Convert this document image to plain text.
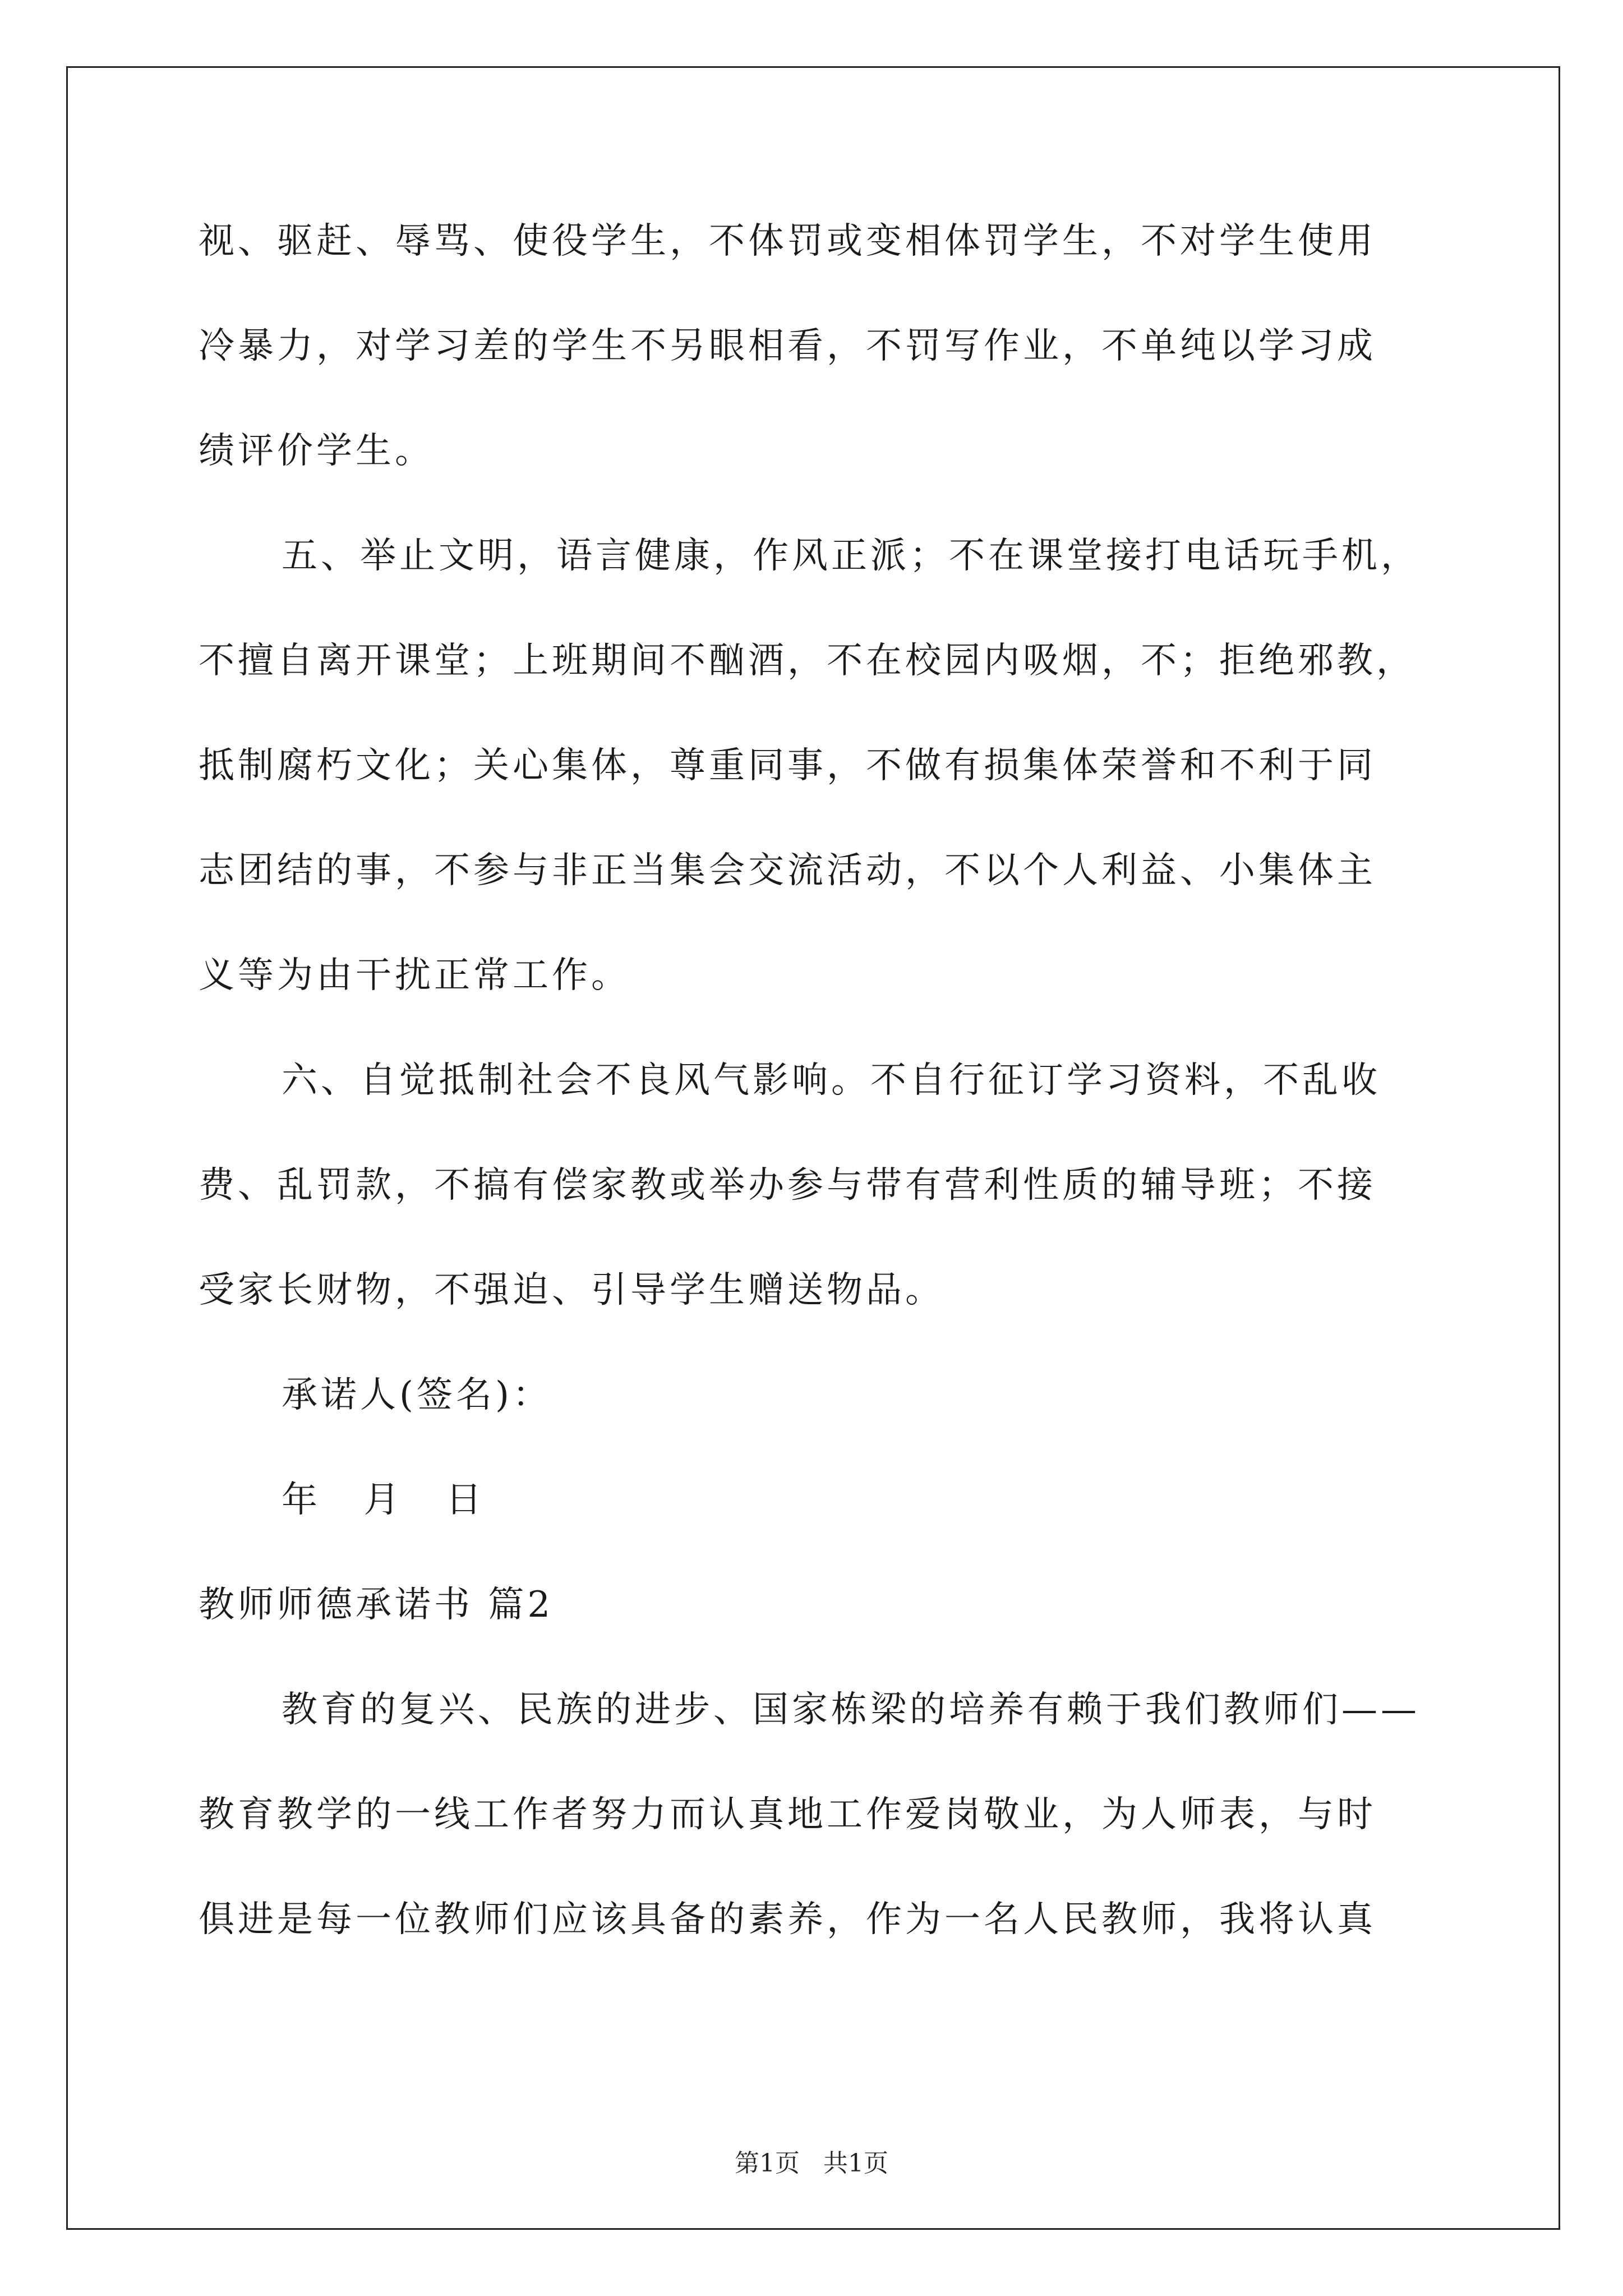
视、驱赶、辱骂、使役学生，不体罚或变相体罚学生，不对学生使用
冷暴力，对学习差的学生不另眼相看，不罚写作业，不单纯以学习成
绩评价学生。
五、举止文明，语言健康，作风正派；不在课堂接打电话玩手机，
不擅自离开课堂；上班期间不酗酒，不在校园内吸烟，不；拒绝邪教，
抵制腐朽文化；关心集体，尊重同事，不做有损集体荣誉和不利于同
志团结的事，不参与非正当集会交流活动，不以个人利益、小集体主
义等为由干扰正常工作。
六、自觉抵制社会不良风气影响。不自行征订学习资料，不乱收
费、乱罚款，不搞有偿家教或举办参与带有营利性质的辅导班；不接
受家长财物，不强迫、引导学生赠送物品。
承诺人(签名)：
年 月 日
教师师德承诺书 篇2
教育的复兴、民族的进步、国家栋梁的培养有赖于我们教师们——
教育教学的一线工作者努力而认真地工作爱岗敬业，为人师表，与时
俱进是每一位教师们应该具备的素养，作为一名人民教师，我将认真
第1页 共1页
